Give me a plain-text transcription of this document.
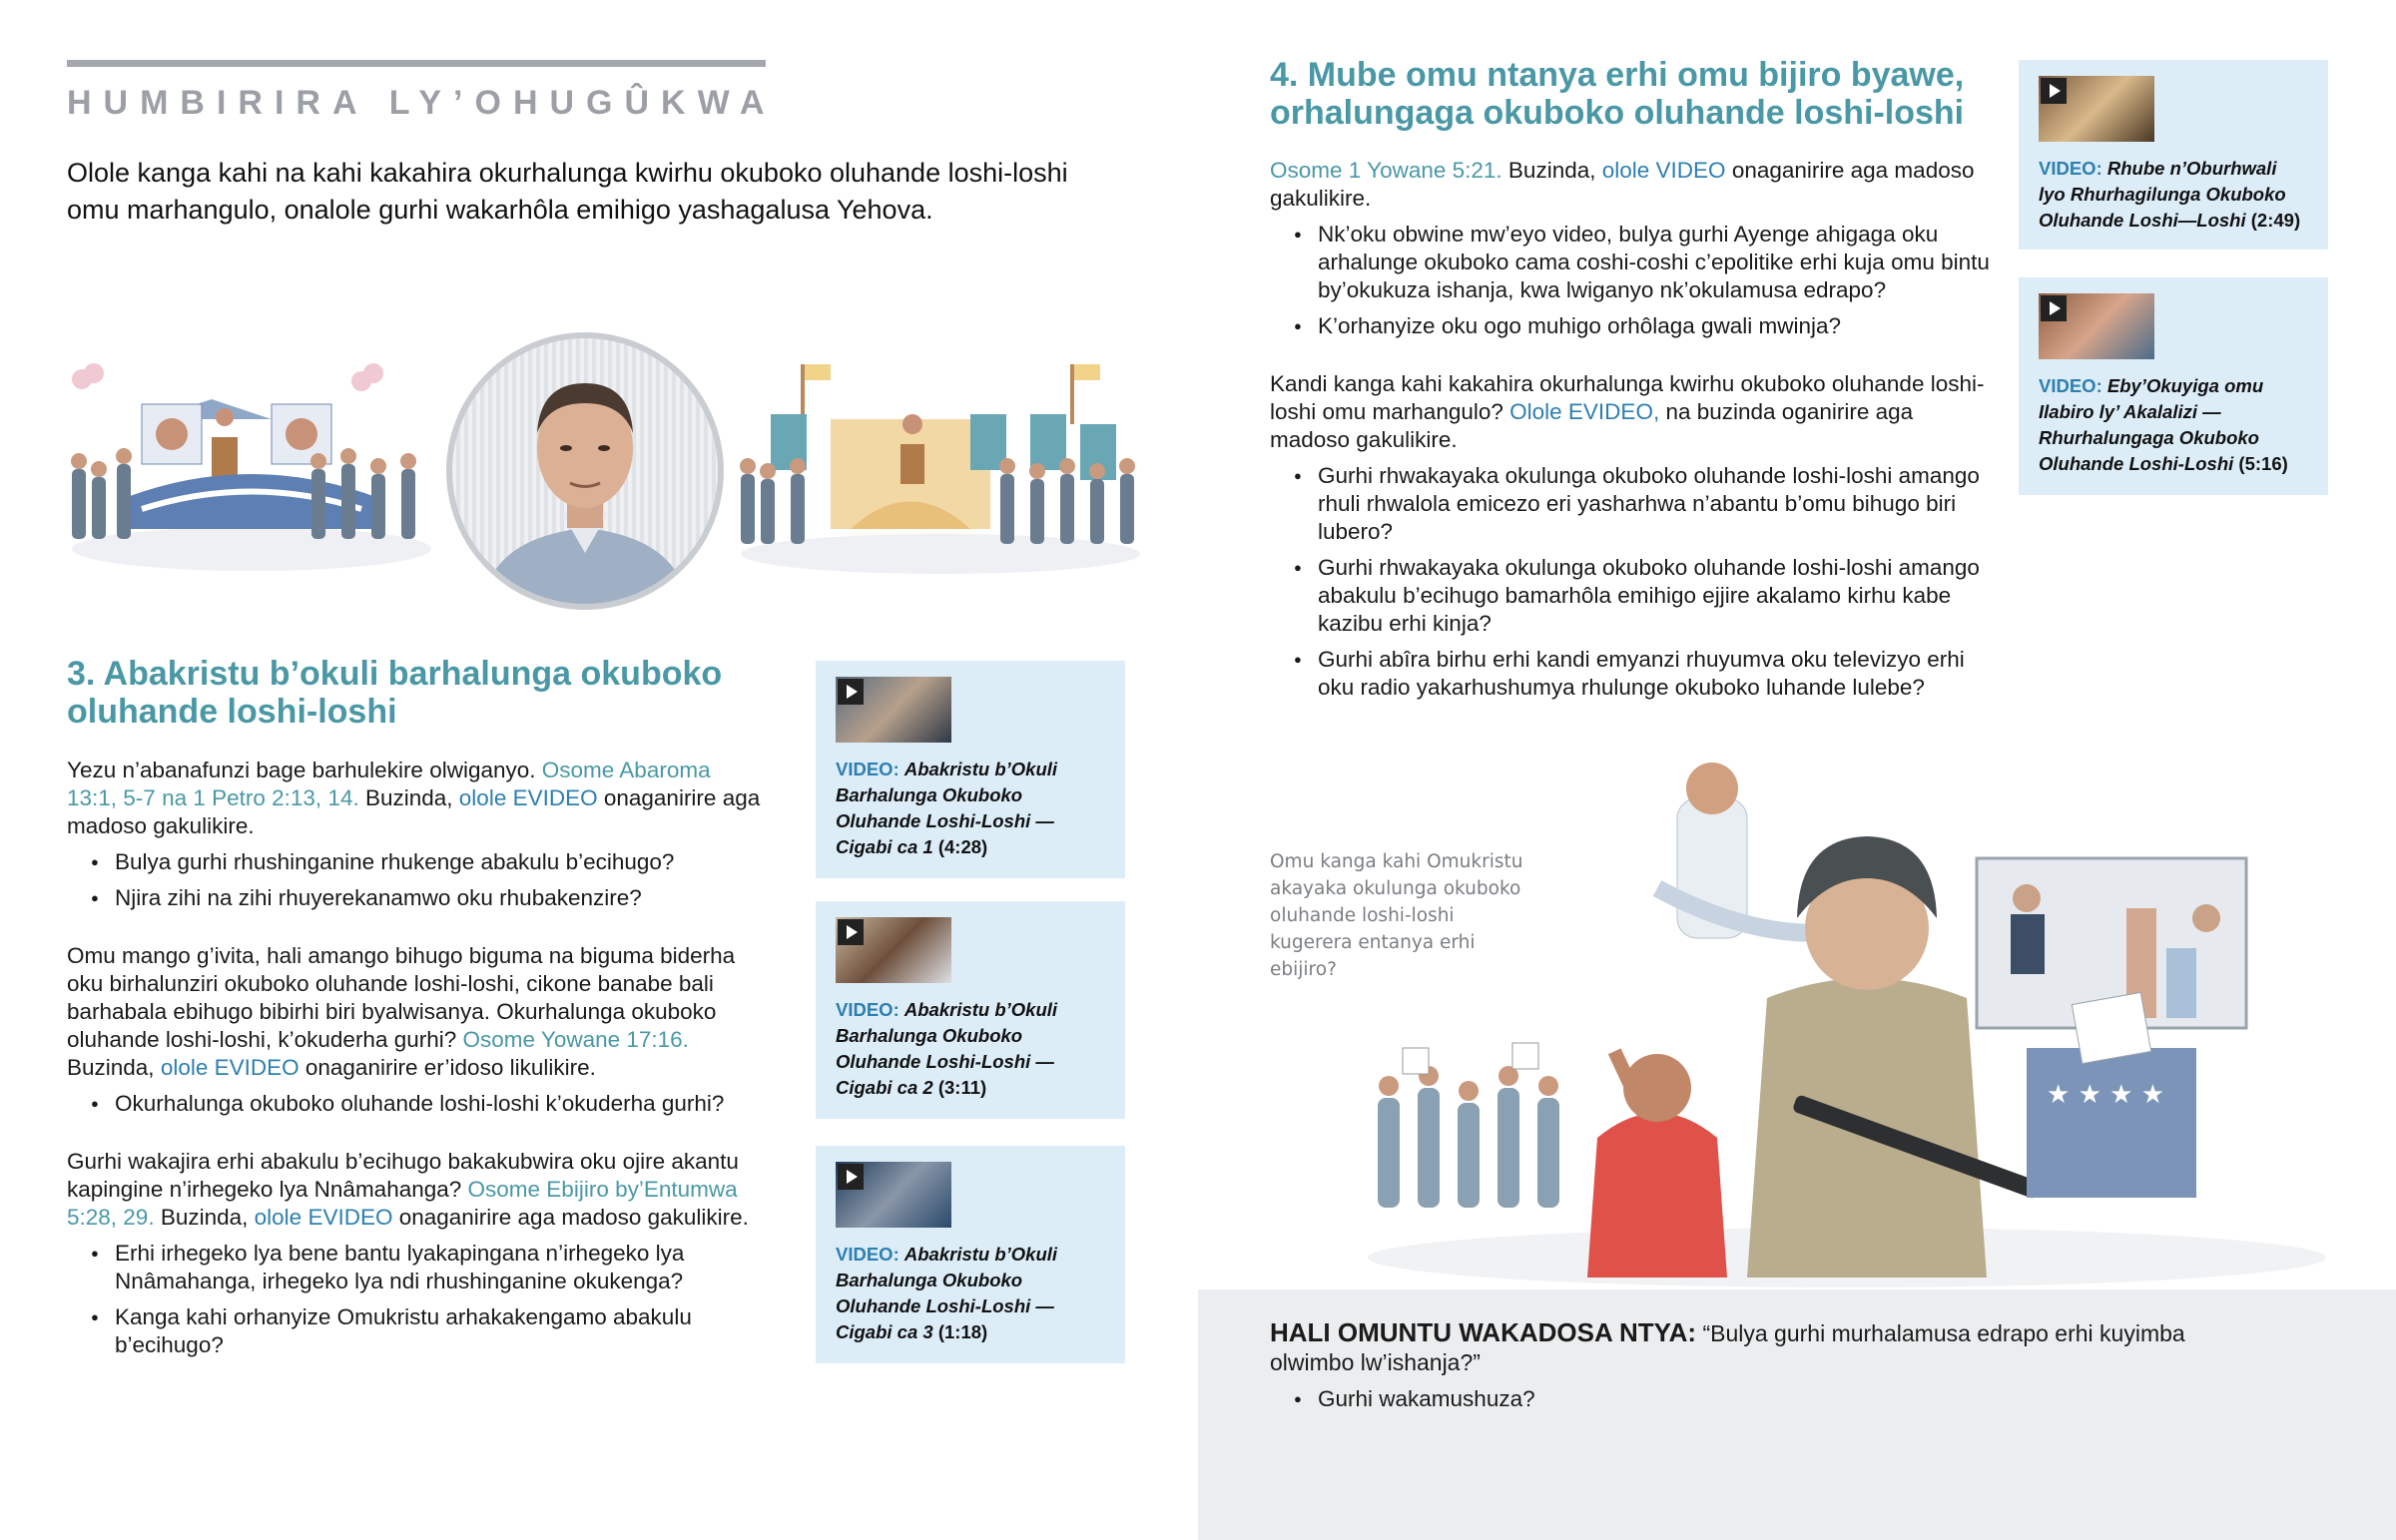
HUMBIRIRA LY’OHUGÛKWA
Olole kanga kahi na kahi kakahira okurhalunga kwirhu okuboko oluhande loshi-loshi omu marhangulo, onalole gurhi wakarhôla emihigo yashagalusa Yehova.
3. Abakristu b’okuli barhalunga okuboko
oluhande loshi-loshi

Yezu n’abanafunzi bage barhulekire olwiganyo. Osome Abaroma 13:1, 5-7 na 1 Petro 2:13, 14. Buzinda, olole EVIDEO onaganirire aga madoso gakulikire.

● Bulya gurhi rhushinganine rhukenge abakulu b’ecihugo?
● Njira zihi na zihi rhuyerekanamwo oku rhubakenzire?

Omu mango g’ivita, hali amango bihugo biguma na biguma biderha oku birhalunziri okuboko oluhande loshi-loshi, cikone banabe bali barhabala ebihugo bibirhi biri byalwisanya. Okurhalunga okuboko oluhande loshi-loshi, k’okuderha gurhi? Osome Yowane 17:16. Buzinda, olole EVIDEO onaganirire er’idoso likulikire.

● Okurhalunga okuboko oluhande loshi-loshi k’okuderha gurhi?

Gurhi wakajira erhi abakulu b’ecihugo bakakubwira oku ojire akantu kapingine n’irhegeko lya Nnâmahanga? Osome Ebijiro by’Entumwa 5:28, 29. Buzinda, olole EVIDEO onaganirire aga madoso gakulikire.

● Erhi irhegeko lya bene bantu lyakapingana n’irhegeko lya Nnâmahanga, irhegeko lya ndi rhushinganine okukenga?
● Kanga kahi orhanyize Omukristu arhakakengamo abakulu b’ecihugo?
VIDEO: Abakristu b’Okuli Barhalunga Okuboko Oluhande Loshi-Loshi —Cigabi ca 1 (4:28)
VIDEO: Abakristu b’Okuli Barhalunga Okuboko Oluhande Loshi-Loshi —Cigabi ca 2 (3:11)
VIDEO: Abakristu b’Okuli Barhalunga Okuboko Oluhande Loshi-Loshi —Cigabi ca 3 (1:18)
4. Mube omu ntanya erhi omu bijiro byawe,
orhalungaga okuboko oluhande loshi-loshi

Osome 1 Yowane 5:21. Buzinda, olole VIDEO onaganirire aga madoso gakulikire.

● Nk’oku obwine mw’eyo video, bulya gurhi Ayenge ahigaga oku arhalunge okuboko cama coshi-coshi c’epolitike erhi kuja omu bintu by’okukuza ishanja, kwa lwiganyo nk’okulamusa edrapo?
● K’orhanyize oku ogo muhigo orhôlaga gwali mwinja?

Kandi kanga kahi kakahira okurhalunga kwirhu okuboko oluhande loshi-loshi omu marhangulo? Olole EVIDEO, na buzinda oganirire aga madoso gakulikire.

● Gurhi rhwakayaka okulunga okuboko oluhande loshi-loshi amango rhuli rhwalola emicezo eri yasharhwa n’abantu b’omu bihugo biri lubero?
● Gurhi rhwakayaka okulunga okuboko oluhande loshi-loshi amango abakulu b’ecihugo bamarhôla emihigo ejjire akalamo kirhu kabe kazibu erhi kinja?
● Gurhi abîra birhu erhi kandi emyanzi rhuyumva oku televizyo erhi oku radio yakarhushumya rhulunge okuboko luhande lulebe?
VIDEO: Rhube n’Oburhwali lyo Rhurhagilunga Okuboko Oluhande Loshi—Loshi (2:49)
VIDEO: Eby’Okuyiga omu Ilabiro ly’ Akalalizi —Rhurhalungaga Okuboko Oluhande Loshi-Loshi (5:16)
★ ★ ★ ★
Omu kanga kahi Omukristu akayaka okulunga okuboko oluhande loshi-loshi kugerera entanya erhi ebijiro?
HALI OMUNTU WAKADOSA NTYA: “Bulya gurhi murhalamusa edrapo erhi kuyimba olwimbo lw’ishanja?”
● Gurhi wakamushuza?
